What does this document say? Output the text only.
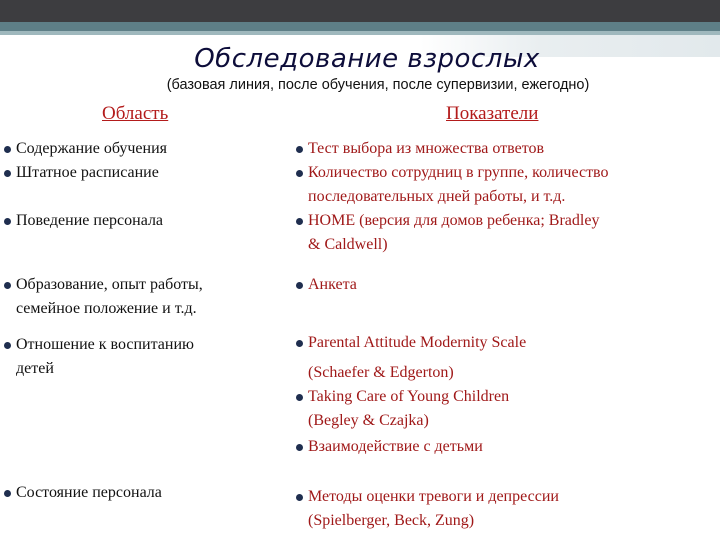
Обследование взрослых
(базовая линия, после обучения, после супервизии, ежегодно)
Область	Показатели
Содержание обучения
Штатное расписание
Поведение персонала
Образование, опыт работы,
семейное положение и т.д.
Отношение к воспитанию
детей
Состояние персонала
Тест выбора из множества ответов
Количество сотрудниц в группе, количество
последовательных дней работы, и т.д.
HOME (версия для домов ребенка; Bradley
& Caldwell)
Анкета
Parental Attitude Modernity Scale
(Schaefer & Edgerton)
Taking Care of Young Children
(Begley & Czajka)
Взаимодействие с детьми
Методы оценки тревоги и депрессии
(Spielberger, Beck, Zung)
